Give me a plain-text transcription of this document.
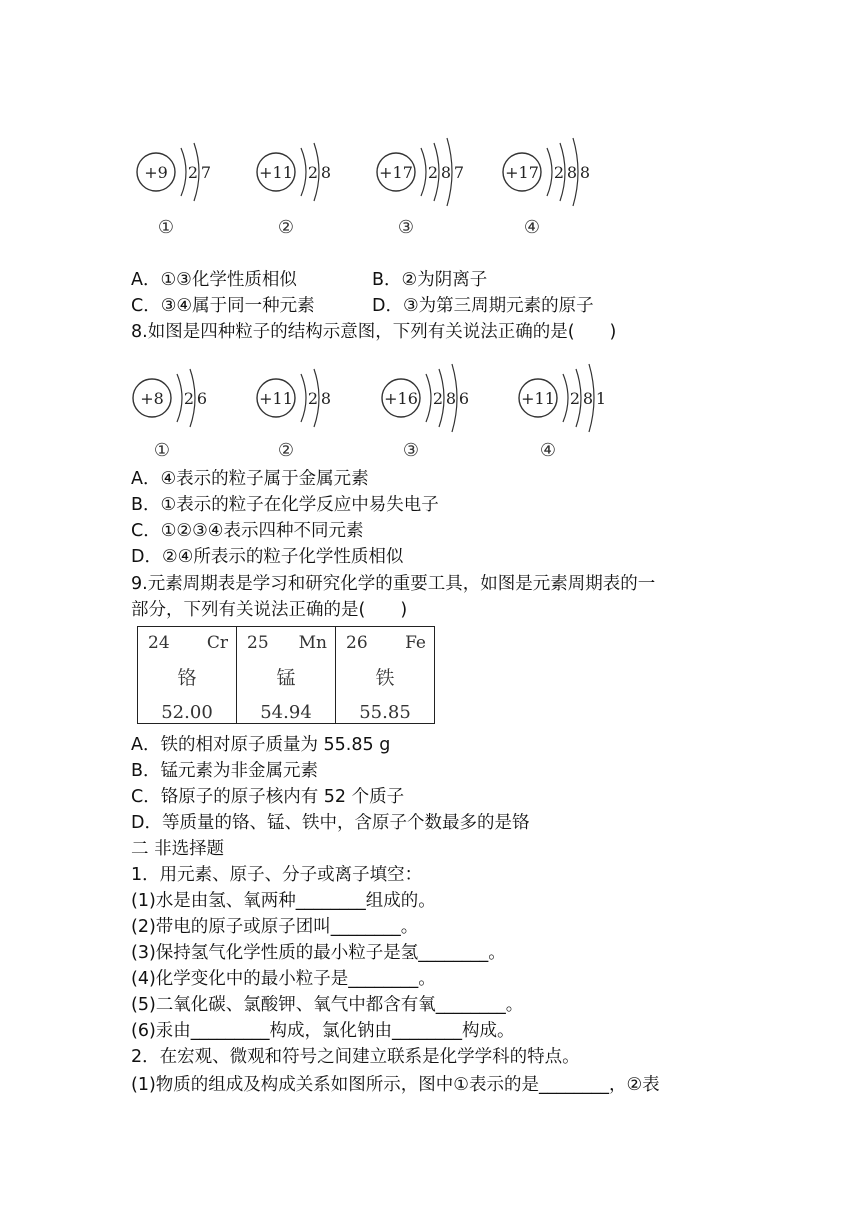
+9 2 7
①
+11 2 8
②
+17 2 8 7
③
+17 2 8 8
④
A．①③化学性质相似	B．②为阴离子
C．③④属于同一种元素	D．③为第三周期元素的原子
8.如图是四种粒子的结构示意图，下列有关说法正确的是(　　)
+8 2 6
①
+11 2 8
②
+16 2 8 6
③
+11 2 8 1
④
A．④表示的粒子属于金属元素
B．①表示的粒子在化学反应中易失电子
C．①②③④表示四种不同元素
D．②④所表示的粒子化学性质相似
9.元素周期表是学习和研究化学的重要工具，如图是元素周期表的一
部分，下列有关说法正确的是(　　)
24 Cr
铬
52.00

25 Mn
锰
54.94

26 Fe
铁
55.85
A．铁的相对原子质量为 55.85 g
B．锰元素为非金属元素
C．铬原子的原子核内有 52 个质子
D．等质量的铬、锰、铁中，含原子个数最多的是铬
二 非选择题
1．用元素、原子、分子或离子填空：
(1)水是由氢、氧两种________组成的。
(2)带电的原子或原子团叫________。
(3)保持氢气化学性质的最小粒子是氢________。
(4)化学变化中的最小粒子是________。
(5)二氧化碳、氯酸钾、氧气中都含有氧________。
(6)汞由_________构成，氯化钠由________构成。
2．在宏观、微观和符号之间建立联系是化学学科的特点。
(1)物质的组成及构成关系如图所示，图中①表示的是________，②表
